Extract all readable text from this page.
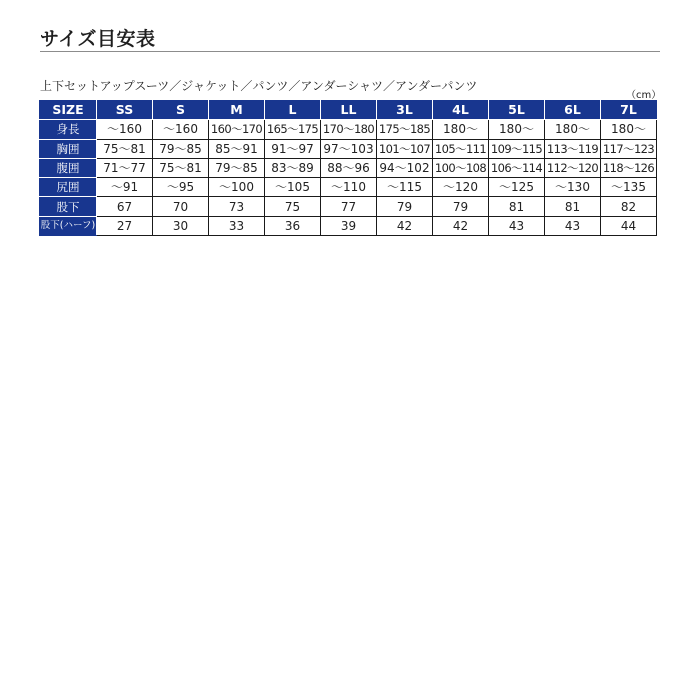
サイズ目安表
上下セットアップスーツ／ジャケット／パンツ／アンダーシャツ／アンダーパンツ
（cm）
SIZE	SS	S	M	L	LL	3L	4L	5L	6L	7L
身長	～160	～160	160～170	165～175	170～180	175～185	180～	180～	180～	180～
胸囲	75～81	79～85	85～91	91～97	97～103	101～107	105～111	109～115	113～119	117～123
腹囲	71～77	75～81	79～85	83～89	88～96	94～102	100～108	106～114	112～120	118～126
尻囲	～91	～95	～100	～105	～110	～115	～120	～125	～130	～135
股下	67	70	73	75	77	79	79	81	81	82
股下(ハーフ)	27	30	33	36	39	42	42	43	43	44
